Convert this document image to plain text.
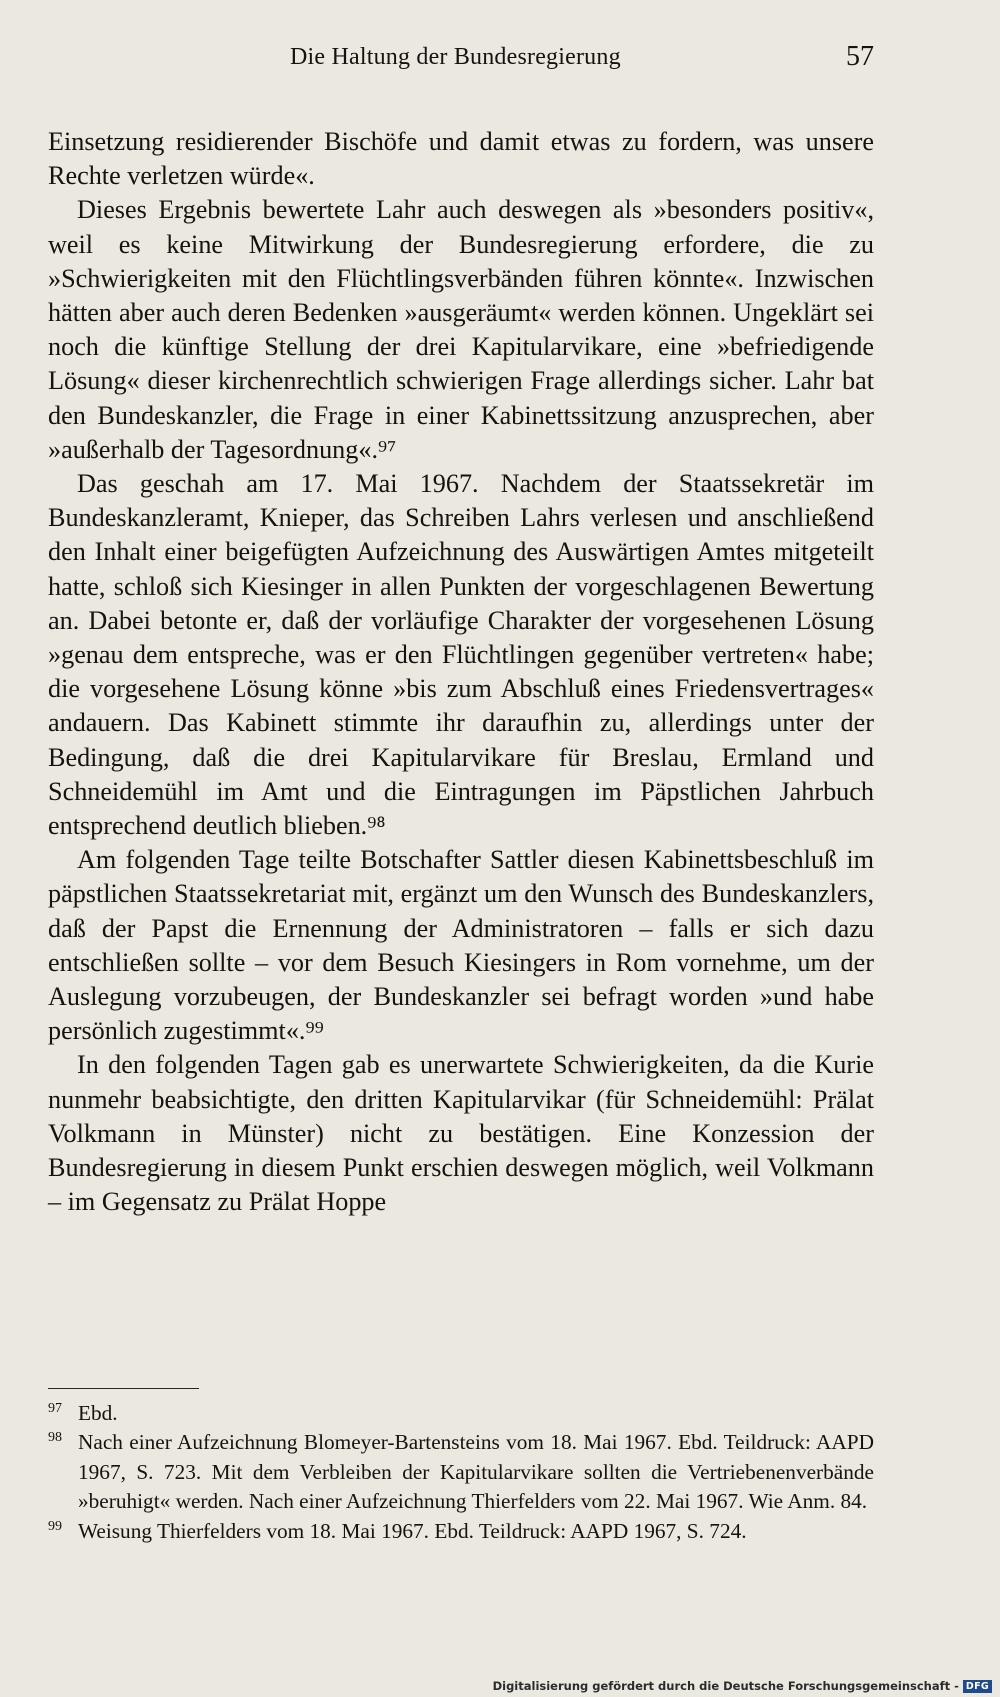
Die Haltung der Bundesregierung	57

Einsetzung residierender Bischöfe und damit etwas zu fordern, was unsere Rechte verletzen würde«.

Dieses Ergebnis bewertete Lahr auch deswegen als »besonders positiv«, weil es keine Mitwirkung der Bundesregierung erfordere, die zu »Schwierigkeiten mit den Flüchtlingsverbänden führen könnte«. Inzwischen hätten aber auch deren Bedenken »ausgeräumt« werden können. Ungeklärt sei noch die künftige Stellung der drei Kapitularvikare, eine »befriedigende Lösung« dieser kirchenrechtlich schwierigen Frage allerdings sicher. Lahr bat den Bundeskanzler, die Frage in einer Kabinettssitzung anzusprechen, aber »außerhalb der Tagesordnung«.⁹⁷

Das geschah am 17. Mai 1967. Nachdem der Staatssekretär im Bundeskanzleramt, Knieper, das Schreiben Lahrs verlesen und anschließend den Inhalt einer beigefügten Aufzeichnung des Auswärtigen Amtes mitgeteilt hatte, schloß sich Kiesinger in allen Punkten der vorgeschlagenen Bewertung an. Dabei betonte er, daß der vorläufige Charakter der vorgesehenen Lösung »genau dem entspreche, was er den Flüchtlingen gegenüber vertreten« habe; die vorgesehene Lösung könne »bis zum Abschluß eines Friedensvertrages« andauern. Das Kabinett stimmte ihr daraufhin zu, allerdings unter der Bedingung, daß die drei Kapitularvikare für Breslau, Ermland und Schneidemühl im Amt und die Eintragungen im Päpstlichen Jahrbuch entsprechend deutlich blieben.⁹⁸

Am folgenden Tage teilte Botschafter Sattler diesen Kabinettsbeschluß im päpstlichen Staatssekretariat mit, ergänzt um den Wunsch des Bundeskanzlers, daß der Papst die Ernennung der Administratoren – falls er sich dazu entschließen sollte – vor dem Besuch Kiesingers in Rom vornehme, um der Auslegung vorzubeugen, der Bundeskanzler sei befragt worden »und habe persönlich zugestimmt«.⁹⁹

In den folgenden Tagen gab es unerwartete Schwierigkeiten, da die Kurie nunmehr beabsichtigte, den dritten Kapitularvikar (für Schneidemühl: Prälat Volkmann in Münster) nicht zu bestätigen. Eine Konzession der Bundesregierung in diesem Punkt erschien deswegen möglich, weil Volkmann – im Gegensatz zu Prälat Hoppe

97 Ebd.
98 Nach einer Aufzeichnung Blomeyer-Bartensteins vom 18. Mai 1967. Ebd. Teildruck: AAPD 1967, S. 723. Mit dem Verbleiben der Kapitularvikare sollten die Vertriebenenverbände »beruhigt« werden. Nach einer Aufzeichnung Thierfelders vom 22. Mai 1967. Wie Anm. 84.
99 Weisung Thierfelders vom 18. Mai 1967. Ebd. Teildruck: AAPD 1967, S. 724.
Digitalisierung gefördert durch die Deutsche Forschungsgemeinschaft - DFG
